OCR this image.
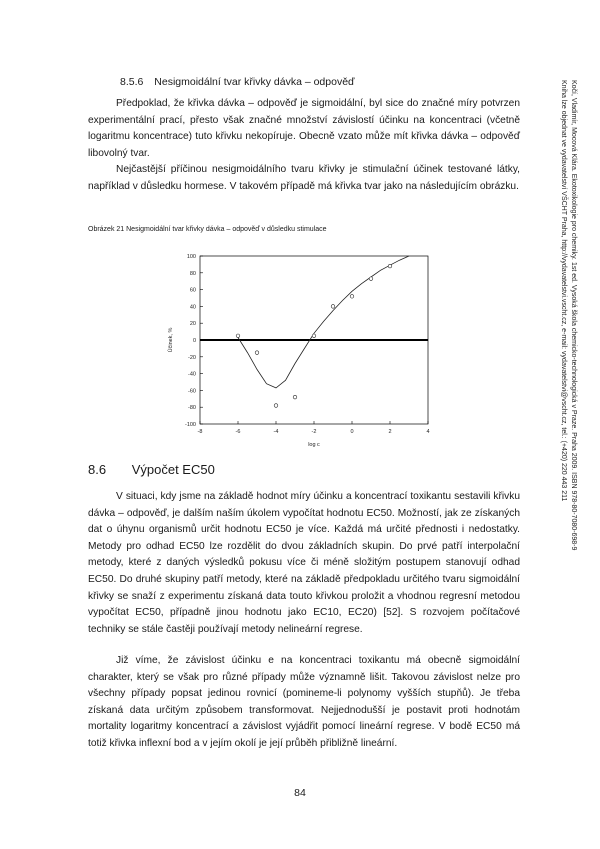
8.5.6 Nesigmoidální tvar křivky dávka – odpověď

Předpoklad, že křivka dávka – odpověď je sigmoidální, byl sice do značné míry potvrzen experimentální prací, přesto však značné množství závislostí účinku na koncentraci (včetně logaritmu koncentrace) tuto křivku nekopíruje. Obecně vzato může mít křivka dávka – odpověď libovolný tvar.

Nejčastější příčinou nesigmoidálního tvaru křivky je stimulační účinek testované látky, například v důsledku hormese. V takovém případě má křivka tvar jako na následujícím obrázku.

Obrázek 21 Nesigmoidální tvar křivky dávka – odpověď v důsledku stimulace
-8	-6	-4	-2	0	2	4
100
80
60
40
20
0
-20
-40
-60
-80
-100
log c
Účinek, %
8.6 Výpočet EC50

V situaci, kdy jsme na základě hodnot míry účinku a koncentrací toxikantu sestavili křivku dávka – odpověď, je dalším naším úkolem vypočítat hodnotu EC50. Možností, jak ze získaných dat o úhynu organismů určit hodnotu EC50 je více. Každá má určité přednosti i nedostatky. Metody pro odhad EC50 lze rozdělit do dvou základních skupin. Do prvé patří interpolační metody, které z daných výsledků pokusu více či méně složitým postupem stanovují odhad EC50. Do druhé skupiny patří metody, které na základě předpokladu určitého tvaru sigmoidální křivky se snaží z experimentu získaná data touto křivkou proložit a vhodnou regresní metodou vypočítat EC50, případně jinou hodnotu jako EC10, EC20) [52]. S rozvojem počítačové techniky se stále častěji používají metody nelineární regrese.

Již víme, že závislost účinku e na koncentraci toxikantu má obecně sigmoidální charakter, který se však pro různé případy může významně lišit. Takovou závislost nelze pro všechny případy popsat jedinou rovnicí (pomineme-li polynomy vyšších stupňů). Je třeba získaná data určitým způsobem transformovat. Nejjednodušší je postavit proti hodnotám mortality logaritmy koncentrací a závislost vyjádřit pomocí lineární regrese. V bodě EC50 má totiž křivka inflexní bod a v jejím okolí je její průběh přibližně lineární.

84
Kočí, Vladimír, Mocová Klára. Ekotoxikologie pro chemiky. 1st ed. Vysoká škola chemicko-technologická v Praze. Praha 2009. ISBN 978-80-7080-698-9
Kniha lze objednat ve vydavatelství VŠCHT Praha, http://vydavatelstvi.vscht.cz, e-mail: vydavatelstvi@vscht.cz, tel.: (+420) 220 443 211
